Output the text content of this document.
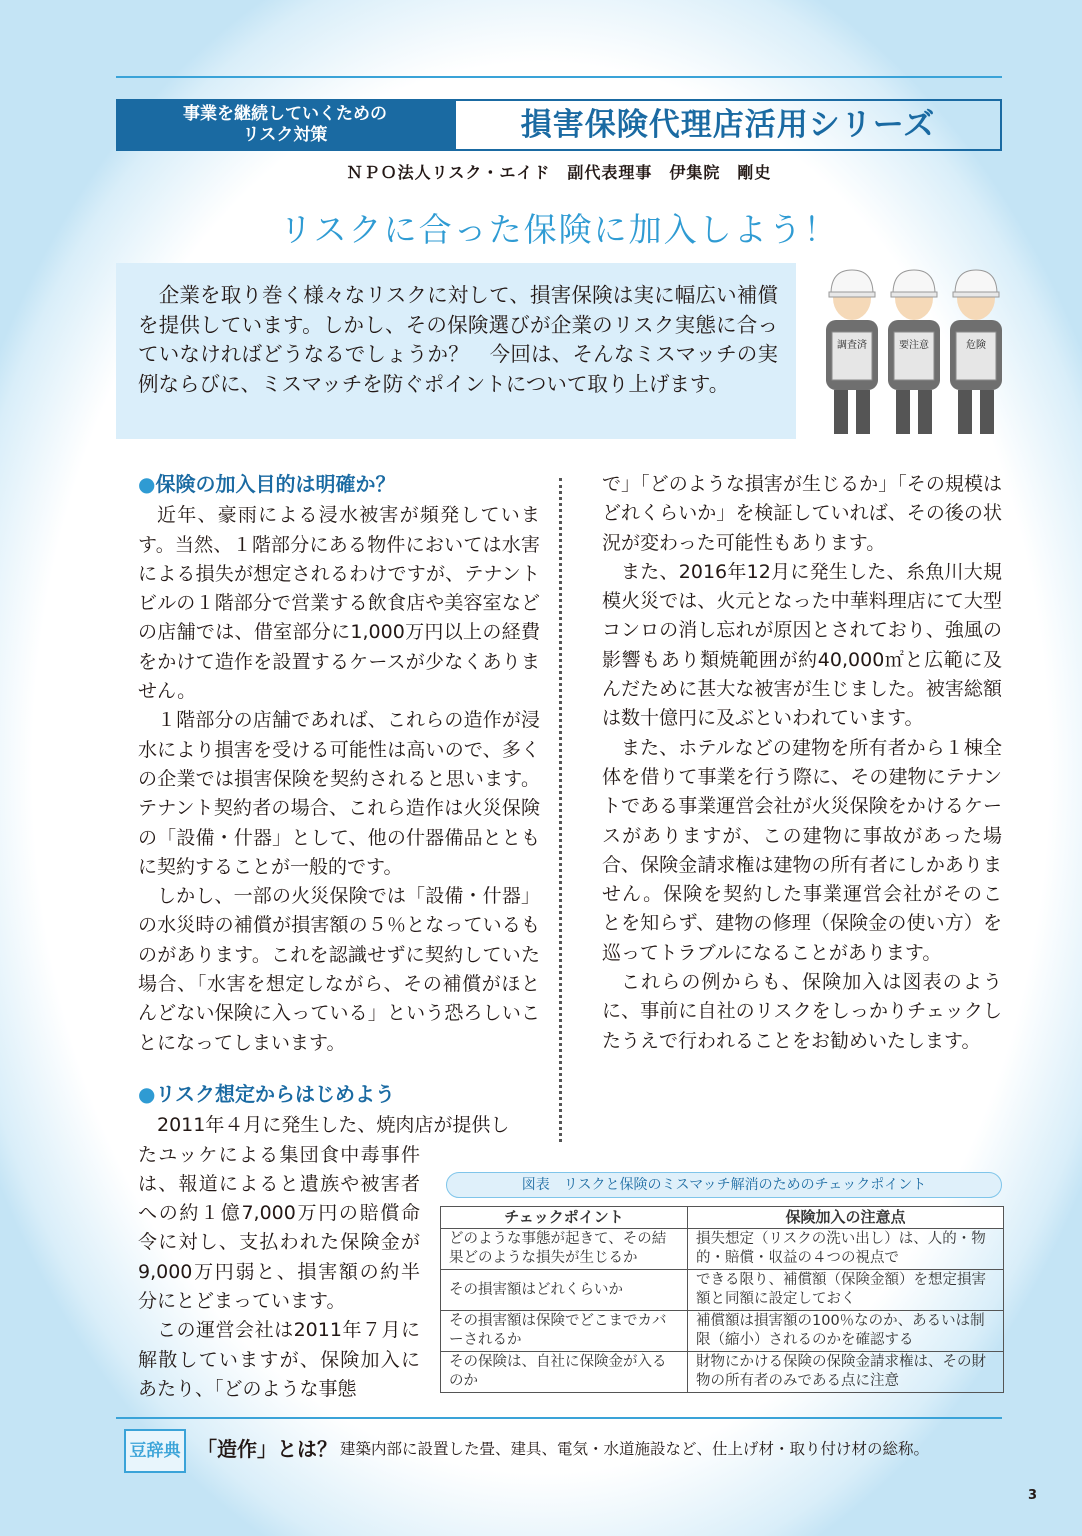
事業を継続していくための
リスク対策	損害保険代理店活用シリーズ
ＮＰＯ法人リスク・エイド　副代表理事　伊集院　剛史
リスクに合った保険に加入しよう！

　企業を取り巻く様々なリスクに対して、損害保険は実に幅広い補償を提供しています。しかし、その保険選びが企業のリスク実態に合っていなければどうなるでしょうか？　今回は、そんなミスマッチの実例ならびに、ミスマッチを防ぐポイントについて取り上げます。

調査済	要注意	危険
●保険の加入目的は明確か？

近年、豪雨による浸水被害が頻発しています。当然、１階部分にある物件においては水害による損失が想定されるわけですが、テナントビルの１階部分で営業する飲食店や美容室などの店舗では、借室部分に1,000万円以上の経費をかけて造作を設置するケースが少なくありません。

１階部分の店舗であれば、これらの造作が浸水により損害を受ける可能性は高いので、多くの企業では損害保険を契約されると思います。テナント契約者の場合、これら造作は火災保険の「設備・什器」として、他の什器備品とともに契約することが一般的です。

しかし、一部の火災保険では「設備・什器」の水災時の補償が損害額の５％となっているものがあります。これを認識せずに契約していた場合、「水害を想定しながら、その補償がほとんどない保険に入っている」という恐ろしいことになってしまいます。

●リスク想定からはじめよう

2011年４月に発生した、焼肉店が提供し

たユッケによる集団食中毒事件は、報道によると遺族や被害者への約１億7,000万円の賠償命令に対し、支払われた保険金が9,000万円弱と、損害額の約半分にとどまっています。

この運営会社は2011年７月に解散していますが、保険加入にあたり、「どのような事態

で」「どのような損害が生じるか」「その規模はどれくらいか」を検証していれば、その後の状況が変わった可能性もあります。

また、2016年12月に発生した、糸魚川大規模火災では、火元となった中華料理店にて大型コンロの消し忘れが原因とされており、強風の影響もあり類焼範囲が約40,000㎡と広範に及んだために甚大な被害が生じました。被害総額は数十億円に及ぶといわれています。

また、ホテルなどの建物を所有者から１棟全体を借りて事業を行う際に、その建物にテナントである事業運営会社が火災保険をかけるケースがありますが、この建物に事故があった場合、保険金請求権は建物の所有者にしかありません。保険を契約した事業運営会社がそのことを知らず、建物の修理（保険金の使い方）を巡ってトラブルになることがあります。

これらの例からも、保険加入は図表のように、事前に自社のリスクをしっかりチェックしたうえで行われることをお勧めいたします。

図表　リスクと保険のミスマッチ解消のためのチェックポイント
チェックポイント	保険加入の注意点
どのような事態が起きて、その結果どのような損失が生じるか	損失想定（リスクの洗い出し）は、人的・物的・賠償・収益の４つの視点で
その損害額はどれくらいか	できる限り、補償額（保険金額）を想定損害額と同額に設定しておく
その損害額は保険でどこまでカバーされるか	補償額は損害額の100％なのか、あるいは制限（縮小）されるのかを確認する
その保険は、自社に保険金が入るのか	財物にかける保険の保険金請求権は、その財物の所有者のみである点に注意
豆辞典 「造作」とは？ 建築内部に設置した畳、建具、電気・水道施設など、仕上げ材・取り付け材の総称。
3
